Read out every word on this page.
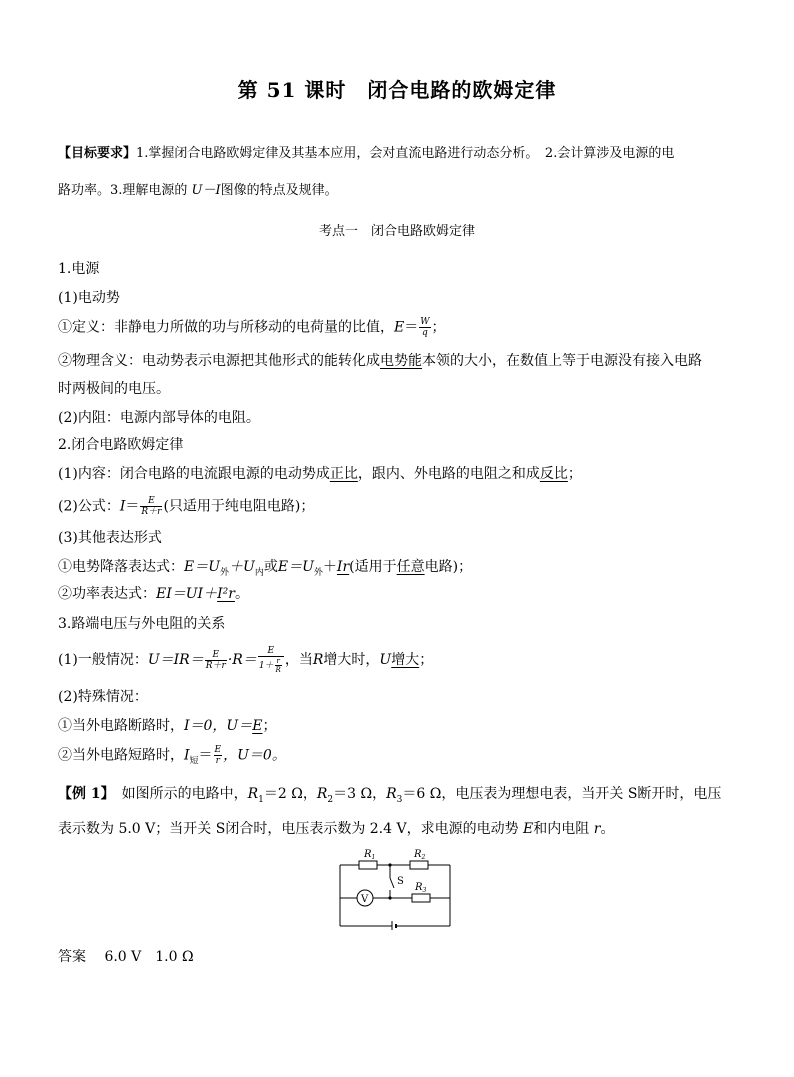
第 51 课时　闭合电路的欧姆定律
【目标要求】1.掌握闭合电路欧姆定律及其基本应用，会对直流电路进行动态分析。　2.会计算涉及电源的电
路功率。3.理解电源的 U－I图像的特点及规律。
考点一　闭合电路欧姆定律
1.电源
(1)电动势
①定义：非静电力所做的功与所移动的电荷量的比值，$E= \frac{W}{q}$ ；
②物理含义：电动势表示电源把其他形式的能转化成电势能本领的大小，在数值上等于电源没有接入电路
时两极间的电压。
(2)内阻：电源内部导体的电阻。
2.闭合电路欧姆定律
(1)内容：闭合电路的电流跟电源的电动势成正比，跟内、外电路的电阻之和成反比；
(2)公式：$I= \frac{E}{R+r}$ (只适用于纯电阻电路)；
(3)其他表达形式
①电势降落表达式：$E=U_外+U_内$或$E=U_外+Ir$(适用于任意电路)；
②功率表达式：EI＝UI＋I²r。
3.路端电压与外电阻的关系
(1)一般情况：$U=IR= \frac{E}{R+r} \cdot R= \frac{E}{1+ \frac{r}{R}}$ ，当R增大时，U增大；
(2)特殊情况：
①当外电路断路时，I＝0，U＝E；
②当外电路短路时，$I_短= \frac{E}{r}$ ，U＝0。
【例 1】　如图所示的电路中，$R_1=2$ Ω，$R_2=3$ Ω，$R_3=6$ Ω，电压表为理想电表，当开关 S断开时，电压
表示数为 5.0 V；当开关 S闭合时，电压表示数为 2.4 V，求电源的电动势 E和内电阻 r。
$R_1$	$R_2$
$R_3$
S
V
答案　 6.0 V　1.0 Ω
